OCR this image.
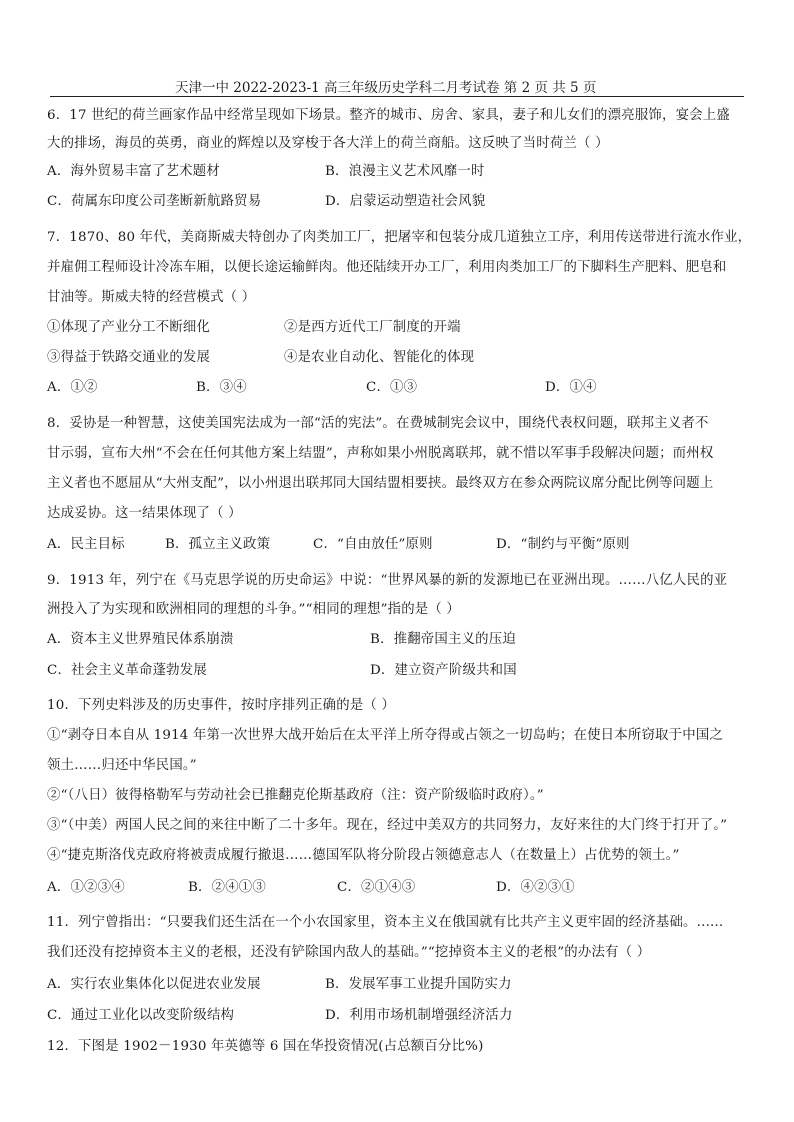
天津一中 2022-2023-1 高三年级历史学科二月考试卷 第 2 页 共 5 页
6．17 世纪的荷兰画家作品中经常呈现如下场景。整齐的城市、房舍、家具，妻子和儿女们的漂亮服饰，宴会上盛
大的排场，海员的英勇，商业的辉煌以及穿梭于各大洋上的荷兰商船。这反映了当时荷兰（ ）
A．海外贸易丰富了艺术题材	B．浪漫主义艺术风靡一时
C．荷属东印度公司垄断新航路贸易	D．启蒙运动塑造社会风貌
7．1870、80 年代，美商斯威夫特创办了肉类加工厂，把屠宰和包装分成几道独立工序，利用传送带进行流水作业，
并雇佣工程师设计冷冻车厢，以便长途运输鲜肉。他还陆续开办工厂，利用肉类加工厂的下脚料生产肥料、肥皂和
甘油等。斯威夫特的经营模式（ ）
①体现了产业分工不断细化	②是西方近代工厂制度的开端
③得益于铁路交通业的发展	④是农业自动化、智能化的体现
A．①②	B．③④	C．①③	D．①④
8．妥协是一种智慧，这使美国宪法成为一部“活的宪法”。在费城制宪会议中，围绕代表权问题，联邦主义者不
甘示弱，宣布大州“不会在任何其他方案上结盟”，声称如果小州脱离联邦，就不惜以军事手段解决问题；而州权
主义者也不愿屈从“大州支配”，以小州退出联邦同大国结盟相要挟。最终双方在参众两院议席分配比例等问题上
达成妥协。这一结果体现了（ ）
A．民主目标	B．孤立主义政策	C．“自由放任”原则	D．“制约与平衡”原则
9．1913 年，列宁在《马克思学说的历史命运》中说：“世界风暴的新的发源地已在亚洲出现。……八亿人民的亚
洲投入了为实现和欧洲相同的理想的斗争。”“相同的理想”指的是（ ）
A．资本主义世界殖民体系崩溃	B．推翻帝国主义的压迫
C．社会主义革命蓬勃发展	D．建立资产阶级共和国
10．下列史料涉及的历史事件，按时序排列正确的是（ ）
①“剥夺日本自从 1914 年第一次世界大战开始后在太平洋上所夺得或占领之一切岛屿；在使日本所窃取于中国之
领土……归还中华民国。”
②“（八日）彼得格勒军与劳动社会已推翻克伦斯基政府（注：资产阶级临时政府）。”
③“（中美）两国人民之间的来往中断了二十多年。现在，经过中美双方的共同努力，友好来往的大门终于打开了。”
④“捷克斯洛伐克政府将被责成履行撤退……德国军队将分阶段占领德意志人（在数量上）占优势的领土。”
A．①②③④	B．②④①③	C．②①④③	D．④②③①
11．列宁曾指出：“只要我们还生活在一个小农国家里，资本主义在俄国就有比共产主义更牢固的经济基础。......
我们还没有挖掉资本主义的老根，还没有铲除国内敌人的基础。”“挖掉资本主义的老根”的办法有（ ）
A．实行农业集体化以促进农业发展	B．发展军事工业提升国防实力
C．通过工业化以改变阶级结构	D．利用市场机制增强经济活力
12．下图是 1902－1930 年英德等 6 国在华投资情况(占总额百分比%)
